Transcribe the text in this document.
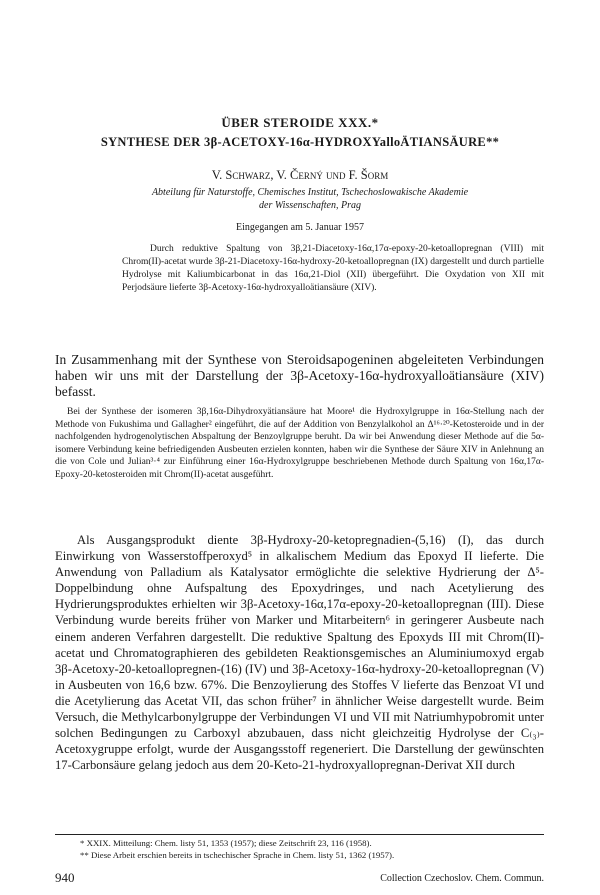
ÜBER STEROIDE XXX.*
SYNTHESE DER 3β-ACETOXY-16α-HYDROXYalloÄTIANSÄURE**
V. Schwarz, V. Černý und F. Šorm
Abteilung für Naturstoffe, Chemisches Institut, Tschechoslowakische Akademie
der Wissenschaften, Prag
Eingegangen am 5. Januar 1957

Durch reduktive Spaltung von 3β,21-Diacetoxy-16α,17α-epoxy-20-ketoallopregnan (VIII) mit Chrom(II)-acetat wurde 3β-21-Diacetoxy-16α-hydroxy-20-ketoallopregnan (IX) dargestellt und durch partielle Hydrolyse mit Kaliumbicarbonat in das 16α,21-Diol (XII) übergeführt. Die Oxydation von XII mit Perjodsäure lieferte 3β-Acetoxy-16α-hydroxyalloätiansäure (XIV).

In Zusammenhang mit der Synthese von Steroidsapogeninen abgeleiteten Verbindungen haben wir uns mit der Darstellung der 3β-Acetoxy-16α-hydroxyalloätiansäure (XIV) befasst.

Bei der Synthese der isomeren 3β,16α-Dihydroxyätiansäure hat Moore¹ die Hydroxylgruppe in 16α-Stellung nach der Methode von Fukushima und Gallagher² eingeführt, die auf der Addition von Benzylalkohol an Δ¹⁶·²⁰-Ketosteroide und in der nachfolgenden hydrogenolytischen Abspaltung der Benzoylgruppe beruht. Da wir bei Anwendung dieser Methode auf die 5α-isomere Verbindung keine befriedigenden Ausbeuten erzielen konnten, haben wir die Synthese der Säure XIV in Anlehnung an die von Cole und Julian³·⁴ zur Einführung einer 16α-Hydroxylgruppe beschriebenen Methode durch Spaltung von 16α,17α-Epoxy-20-ketosteroiden mit Chrom(II)-acetat ausgeführt.

Als Ausgangsprodukt diente 3β-Hydroxy-20-ketopregnadien-(5,16) (I), das durch Einwirkung von Wasserstoffperoxyd⁵ in alkalischem Medium das Epoxyd II lieferte. Die Anwendung von Palladium als Katalysator ermöglichte die selektive Hydrierung der Δ⁵-Doppelbindung ohne Aufspaltung des Epoxydringes, und nach Acetylierung des Hydrierungsproduktes erhielten wir 3β-Acetoxy-16α,17α-epoxy-20-ketoallopregnan (III). Diese Verbindung wurde bereits früher von Marker und Mitarbeitern⁶ in geringerer Ausbeute nach einem anderen Verfahren dargestellt. Die reduktive Spaltung des Epoxyds III mit Chrom(II)-acetat und Chromatographieren des gebildeten Reaktionsgemisches an Aluminiumoxyd ergab 3β-Acetoxy-20-ketoallopregnen-(16) (IV) und 3β-Acetoxy-16α-hydroxy-20-ketoallopregnan (V) in Ausbeuten von 16,6 bzw. 67%. Die Benzoylierung des Stoffes V lieferte das Benzoat VI und die Acetylierung das Acetat VII, das schon früher⁷ in ähnlicher Weise dargestellt wurde. Beim Versuch, die Methylcarbonylgruppe der Verbindungen VI und VII mit Natriumhypobromit unter solchen Bedingungen zu Carboxyl abzubauen, dass nicht gleichzeitig Hydrolyse der C₍₃₎-Acetoxygruppe erfolgt, wurde der Ausgangsstoff regeneriert. Die Darstellung der gewünschten 17-Carbonsäure gelang jedoch aus dem 20-Keto-21-hydroxyallopregnan-Derivat XII durch

* XXIX. Mitteilung: Chem. listy 51, 1353 (1957); diese Zeitschrift 23, 116 (1958).
** Diese Arbeit erschien bereits in tschechischer Sprache in Chem. listy 51, 1362 (1957).
940	Collection Czechoslov. Chem. Commun.
